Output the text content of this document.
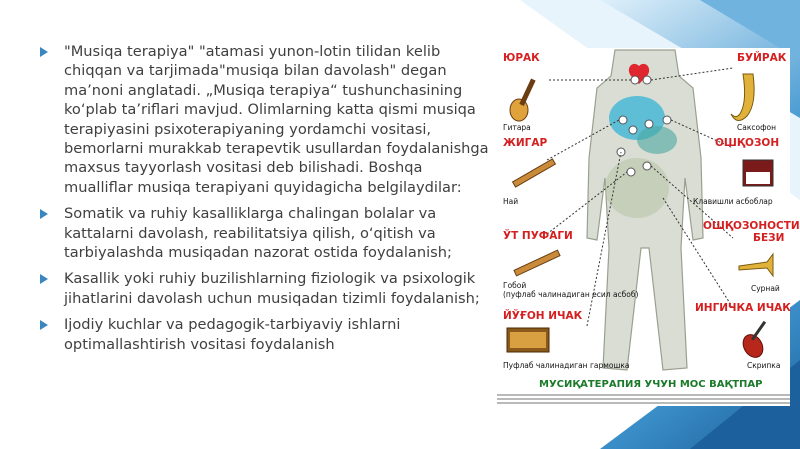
"Musiqa terapiya" "atamasi yunon-lotin tilidan kelib chiqqan va tarjimada"musiqa bilan davolash" degan ma’noni anglatadi. „Musiqa terapiya“ tushunchasining ko‘plab ta’riflari mavjud. Olimlarning katta qismi musiqa terapiyasini psixoterapiyaning yordamchi vositasi, bemorlarni murakkab terapevtik usullardan foydalanishga maxsus tayyorlash vositasi deb bilishadi. Boshqa mualliflar musiqa terapiyani quyidagicha belgilaydilar:
Somatik va ruhiy kasalliklarga chalingan bolalar va kattalarni davolash, reabilitatsiya qilish, o‘qitish va tarbiyalashda musiqadan nazorat ostida foydalanish;
Kasallik yoki ruhiy buzilishlarning fiziologik va psixologik jihatlarini davolash uchun musiqadan tizimli foydalanish;
Ijodiy kuchlar va pedagogik-tarbiyaviy ishlarni optimallashtirish vositasi foydalanish
ЮРАК	БУЙРАК
ЖИГАР	ОШҚОЗОН
ЎТ ПУФАГИ
ОШҚОЗОНОСТИ
БЕЗИ
ИНГИЧКА ИЧАК
ЙЎҒОН ИЧАК
Гитара	Саксофон
Най	Клавишли асбоблар
Гобой
(пуфлаб чалинадиган есил асбоб)
Сурнай
Пуфлаб чалинадиган гармошка	Скрипка
МУСИҚАТЕРАПИЯ УЧУН МОС ВАҚТПАР
